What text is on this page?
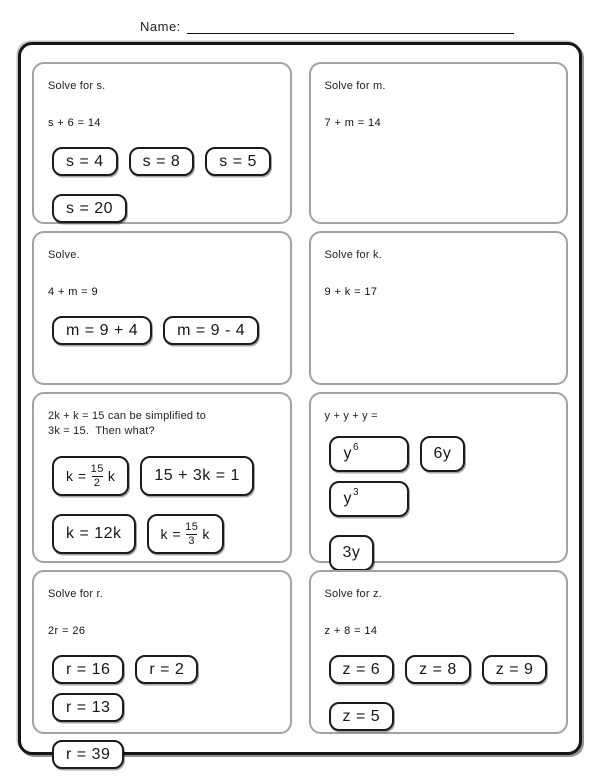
Name:

Solve for s.

s + 6 = 14

s = 4	s = 8	s = 5
s = 20

Solve for m.

7 + m = 14

Solve.

4 + m = 9

m = 9 + 4	m = 9 - 4

Solve for k.

9 + k = 17

2k + k = 15 can be simplified to
3k = 15.  Then what?

$k = \frac{15}{2}$ k	15 + 3k = 1
k = 12k	$k = \frac{15}{3}$ k

y + y + y =

$y^6$	6y
$y^3$
3y

Solve for r.

2r = 26

r = 16	r = 2
r = 13
r = 39

Solve for z.

z + 8 = 14

z = 6	z = 8	z = 9
z = 5
